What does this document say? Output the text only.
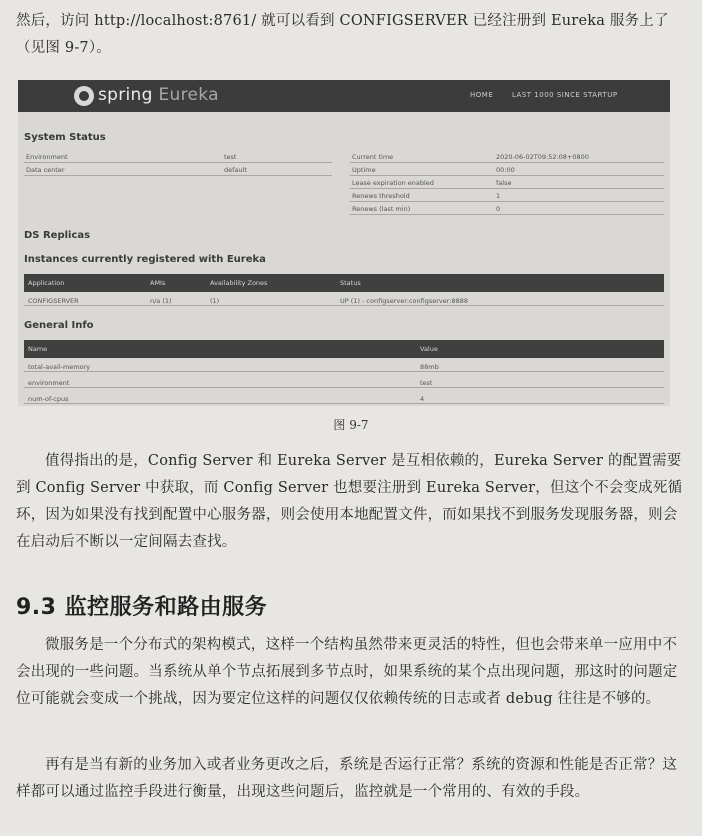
然后，访问 http://localhost:8761/ 就可以看到 CONFIGSERVER 已经注册到 Eureka 服务上了（见图 9-7）。

spring Eureka	HOME	LAST 1000 SINCE STARTUP
System Status
Environment	test
Data center	default
Current time	2020-06-02T09:52:08+0800
Uptime	00:00
Lease expiration enabled	false
Renews threshold	1
Renews (last min)	0
DS Replicas
Instances currently registered with Eureka
Application	AMIs	Availability Zones	Status
CONFIGSERVER	n/a (1)	(1)	UP (1) - configserver:configserver:8888
General Info
Name	Value
total-avail-memory	88mb
environment	test
num-of-cpus	4
图 9-7

值得指出的是，Config Server 和 Eureka Server 是互相依赖的，Eureka Server 的配置需要到 Config Server 中获取，而 Config Server 也想要注册到 Eureka Server，但这个不会变成死循环，因为如果没有找到配置中心服务器，则会使用本地配置文件，而如果找不到服务发现服务器，则会在启动后不断以一定间隔去查找。

9.3 监控服务和路由服务

微服务是一个分布式的架构模式，这样一个结构虽然带来更灵活的特性，但也会带来单一应用中不会出现的一些问题。当系统从单个节点拓展到多节点时，如果系统的某个点出现问题，那这时的问题定位可能就会变成一个挑战，因为要定位这样的问题仅仅依赖传统的日志或者 debug 往往是不够的。

再有是当有新的业务加入或者业务更改之后，系统是否运行正常？系统的资源和性能是否正常？这样都可以通过监控手段进行衡量，出现这些问题后，监控就是一个常用的、有效的手段。
